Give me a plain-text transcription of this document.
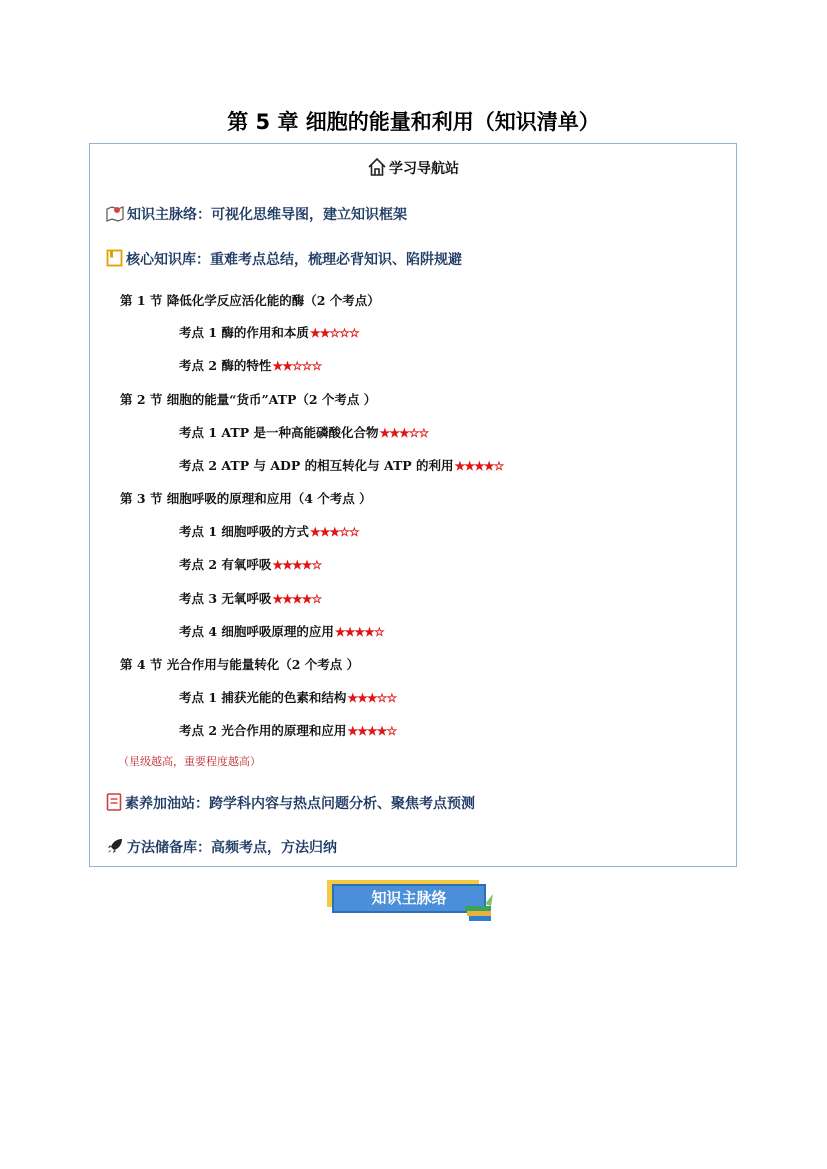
第 5 章 细胞的能量和利用（知识清单）
学习导航站
知识主脉络：可视化思维导图，建立知识框架
核心知识库：重难考点总结，梳理必背知识、陷阱规避
第 1 节 降低化学反应活化能的酶（2 个考点）
考点 1 酶的作用和本质★★☆☆☆
考点 2 酶的特性★★☆☆☆
第 2 节 细胞的能量“货币”ATP（2 个考点 ）
考点 1 ATP 是一种高能磷酸化合物★★★☆☆
考点 2 ATP 与 ADP 的相互转化与 ATP 的利用★★★★☆
第 3 节 细胞呼吸的原理和应用（4 个考点 ）
考点 1 细胞呼吸的方式★★★☆☆
考点 2 有氧呼吸★★★★☆
考点 3 无氧呼吸★★★★☆
考点 4 细胞呼吸原理的应用★★★★☆
第 4 节 光合作用与能量转化（2 个考点 ）
考点 1 捕获光能的色素和结构★★★☆☆
考点 2 光合作用的原理和应用★★★★☆
（星级越高，重要程度越高）
素养加油站：跨学科内容与热点问题分析、聚焦考点预测
方法储备库：高频考点，方法归纳
知识主脉络
